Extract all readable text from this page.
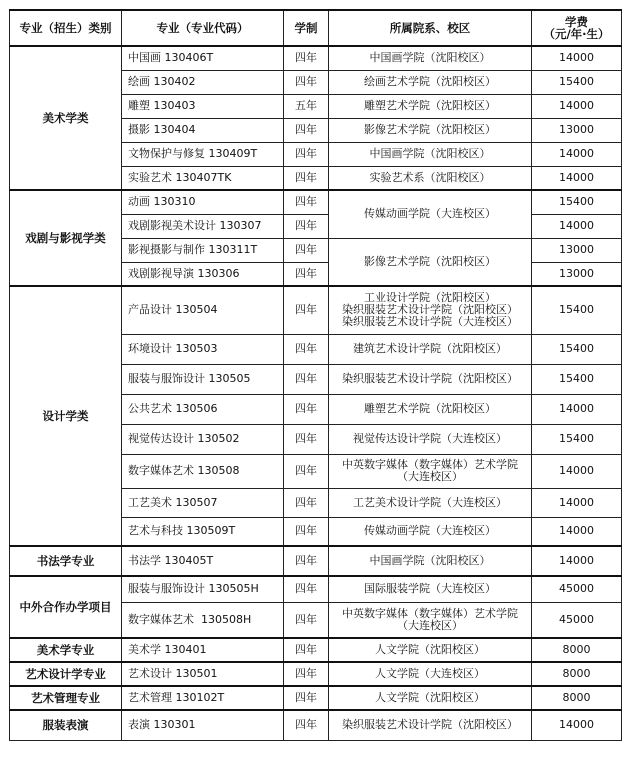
专业（招生）类别	专业（专业代码）	学制	所属院系、校区	学费
（元/年·生）
美术学类	中国画 130406T	四年	中国画学院（沈阳校区）	14000
	绘画 130402	四年	绘画艺术学院（沈阳校区）	15400
	雕塑 130403	五年	雕塑艺术学院（沈阳校区）	14000
	摄影 130404	四年	影像艺术学院（沈阳校区）	13000
	文物保护与修复 130409T	四年	中国画学院（沈阳校区）	14000
	实验艺术 130407TK	四年	实验艺术系（沈阳校区）	14000
戏剧与影视学类	动画 130310	四年	传媒动画学院（大连校区）	15400
	戏剧影视美术设计 130307	四年		14000
	影视摄影与制作 130311T	四年	影像艺术学院（沈阳校区）	13000
	戏剧影视导演 130306	四年		13000
设计学类	产品设计 130504	四年	工业设计学院（沈阳校区）
染织服装艺术设计学院（沈阳校区）
染织服装艺术设计学院（大连校区）	15400
	环境设计 130503	四年	建筑艺术设计学院（沈阳校区）	15400
	服装与服饰设计 130505	四年	染织服装艺术设计学院（沈阳校区）	15400
	公共艺术 130506	四年	雕塑艺术学院（沈阳校区）	14000
	视觉传达设计 130502	四年	视觉传达设计学院（大连校区）	15400
	数字媒体艺术 130508	四年	中英数字媒体（数字媒体）艺术学院
（大连校区）	14000
	工艺美术 130507	四年	工艺美术设计学院（大连校区）	14000
	艺术与科技 130509T	四年	传媒动画学院（大连校区）	14000
书法学专业	书法学 130405T	四年	中国画学院（沈阳校区）	14000
中外合作办学项目	服装与服饰设计 130505H	四年	国际服装学院（大连校区）	45000
	数字媒体艺术  130508H	四年	中英数字媒体（数字媒体）艺术学院
（大连校区）	45000
美术学专业	美术学 130401	四年	人文学院（沈阳校区）	8000
艺术设计学专业	艺术设计 130501	四年	人文学院（大连校区）	8000
艺术管理专业	艺术管理 130102T	四年	人文学院（沈阳校区）	8000
服装表演	表演 130301	四年	染织服装艺术设计学院（沈阳校区）	14000
